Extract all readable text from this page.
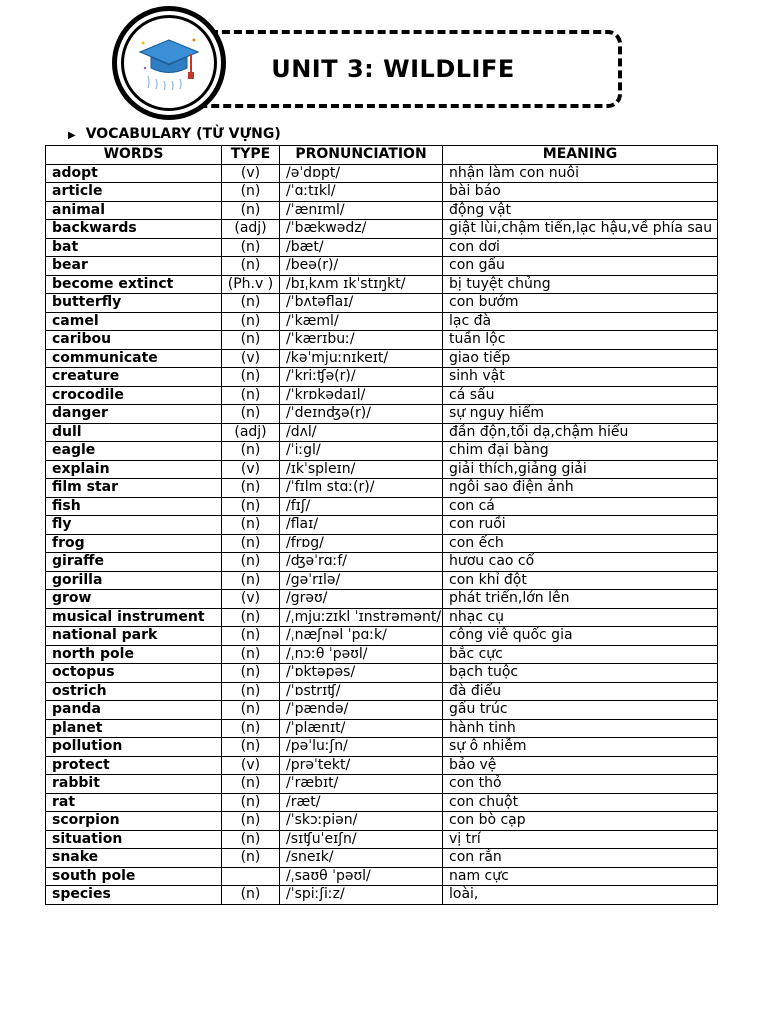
UNIT 3: WILDLIFE
▶ VOCABULARY (TỪ VỰNG)
WORDS	TYPE	PRONUNCIATION	MEANING
adopt	(v)	/əˈdɒpt/	nhận làm con nuôi
article	(n)	/ˈɑːtɪkl/	bài báo
animal	(n)	/ˈænɪml/	động vật
backwards	(adj)	/ˈbækwədz/	giật lùi,chậm tiến,lạc hậu,về phía sau
bat	(n)	/bæt/	con dơi
bear	(n)	/beə(r)/	con gấu
become extinct	(Ph.v )	/bɪˌkʌm ɪkˈstɪŋkt/	bị tuyệt chủng
butterfly	(n)	/ˈbʌtəflaɪ/	con bướm
camel	(n)	/ˈkæml/	lạc đà
caribou	(n)	/ˈkærɪbuː/	tuần lộc
communicate	(v)	/kəˈmjuːnɪkeɪt/	giao tiếp
creature	(n)	/ˈkriːʧə(r)/	sinh vật
crocodile	(n)	/ˈkrɒkədaɪl/	cá sấu
danger	(n)	/ˈdeɪnʤə(r)/	sự nguy hiểm
dull	(adj)	/dʌl/	đần độn,tối dạ,chậm hiểu
eagle	(n)	/ˈiːgl/	chim đại bàng
explain	(v)	/ɪkˈspleɪn/	giải thích,giảng giải
film star	(n)	/ˈfɪlm stɑː(r)/	ngôi sao điện ảnh
fish	(n)	/fɪʃ/	con cá
fly	(n)	/flaɪ/	con ruồi
frog	(n)	/frɒg/	con ếch
giraffe	(n)	/ʤəˈrɑːf/	hươu cao cổ
gorilla	(n)	/gəˈrɪlə/	con khỉ đột
grow	(v)	/grəʊ/	phát triển,lớn lên
musical instrument	(n)	/ˌmjuːzɪkl ˈɪnstrəmənt/	nhạc cụ
national park	(n)	/ˌnæʃnəl ˈpɑːk/	công viê quốc gia
north pole	(n)	/ˌnɔːθ ˈpəʊl/	bắc cực
octopus	(n)	/ˈɒktəpəs/	bạch tuộc
ostrich	(n)	/ˈɒstrɪʧ/	đà điểu
panda	(n)	/ˈpændə/	gấu trúc
planet	(n)	/ˈplænɪt/	hành tinh
pollution	(n)	/pəˈluːʃn/	sự ô nhiễm
protect	(v)	/prəˈtekt/	bảo vệ
rabbit	(n)	/ˈræbɪt/	con thỏ
rat	(n)	/ræt/	con chuột
scorpion	(n)	/ˈskɔːpiən/	con bò cạp
situation	(n)	/sɪʧuˈeɪʃn/	vị trí
snake	(n)	/sneɪk/	con rắn
south pole		/ˌsaʊθ ˈpəʊl/	nam cực
species	(n)	/ˈspiːʃiːz/	loài,
